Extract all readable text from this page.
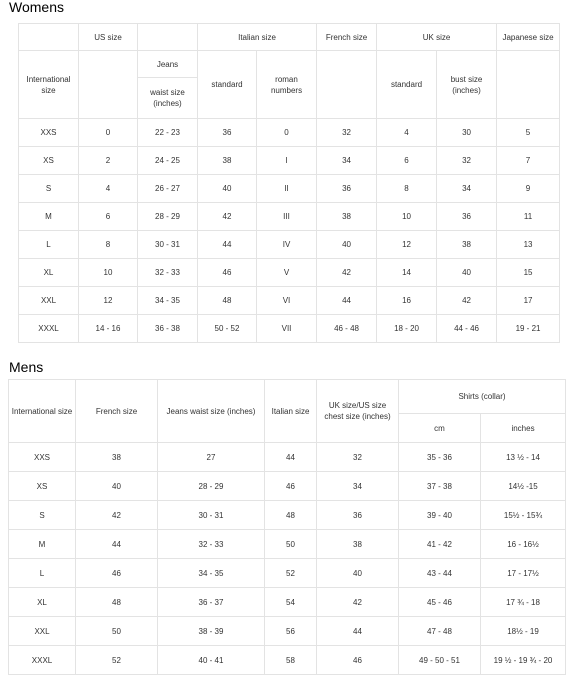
Womens
	US size		Italian size		French size	UK size		Japanese size
International size		Jeans	standard	roman numbers		standard	bust size (inches)	
		waist size (inches)						
XXS	0	22 - 23	36	0	32	4	30	5
XS	2	24 - 25	38	I	34	6	32	7
S	4	26 - 27	40	II	36	8	34	9
M	6	28 - 29	42	III	38	10	36	11
L	8	30 - 31	44	IV	40	12	38	13
XL	10	32 - 33	46	V	42	14	40	15
XXL	12	34 - 35	48	VI	44	16	42	17
XXXL	14 - 16	36 - 38	50 - 52	VII	46 - 48	18 - 20	44 - 46	19 - 21
Mens
International size	French size	Jeans waist size (inches)	Italian size	UK size/US size chest size (inches)	Shirts (collar)	
					cm	inches
XXS	38	27	44	32	35 - 36	13 ½ - 14
XS	40	28 - 29	46	34	37 - 38	14½ -15
S	42	30 - 31	48	36	39 - 40	15½ - 15¾
M	44	32 - 33	50	38	41 - 42	16 - 16½
L	46	34 - 35	52	40	43 - 44	17 - 17½
XL	48	36 - 37	54	42	45 - 46	17 ¾ - 18
XXL	50	38 - 39	56	44	47 - 48	18½ - 19
XXXL	52	40 - 41	58	46	49 - 50 - 51	19 ½ - 19 ¾ - 20
